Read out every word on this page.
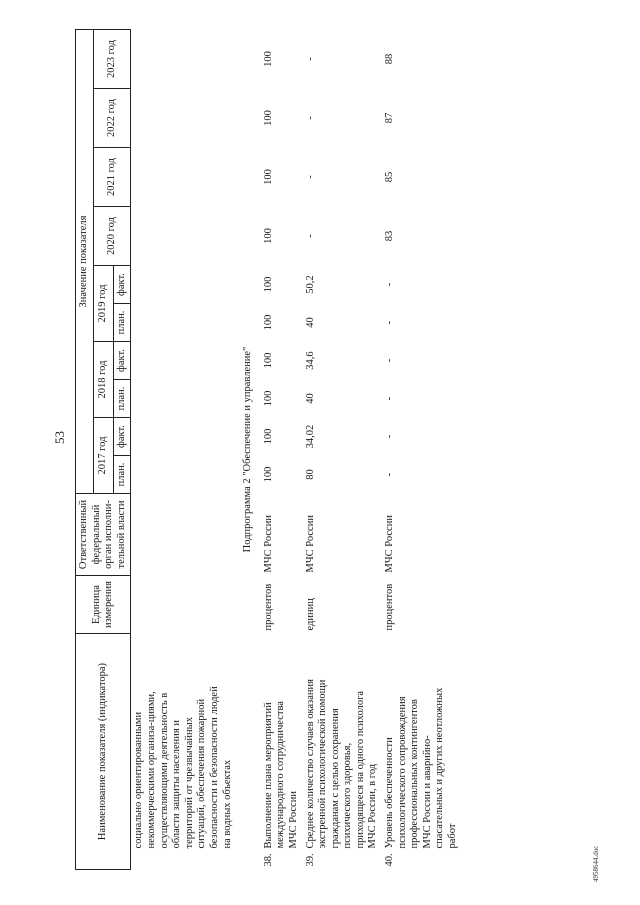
53
Наименование показателя (индикатора)	Единица измерения	Ответственный федеральный орган исполни-тельной власти	Значение показателя										
			2017 год		2018 год		2019 год		2020 год	2021 год	2022 год	2023 год	
			план.	факт.	план.	факт.	план.	факт.					
социально ориентированными некоммерческими организа-циями, осуществляющими деятельность в области защиты населения и территорий от чрезвычайных ситуаций, обеспечения пожарной безопасности и безопасности людей на водных объектах													
Подпрограмма 2 "Обеспечение и управление"													
38.Выполнение плана мероприятий международного сотрудничества МЧС России	процентов	МЧС России	100	100	100	100	100	100	100	100	100	100	
39.Среднее количество случаев оказания экстренной психологической помощи гражданам с целью сохранения психического здоровья, приходящееся на одного психолога МЧС России, в год	единиц	МЧС России	80	34,02	40	34,6	40	50,2	-	-	-	-	
40.Уровень обеспеченности психологического сопровождения профессиональных контингентов МЧС России и аварийно-спасательных и других неотложных работ	процентов	МЧС России	-	-	-	-	-	-	83	85	87	88	
4958644.doc
